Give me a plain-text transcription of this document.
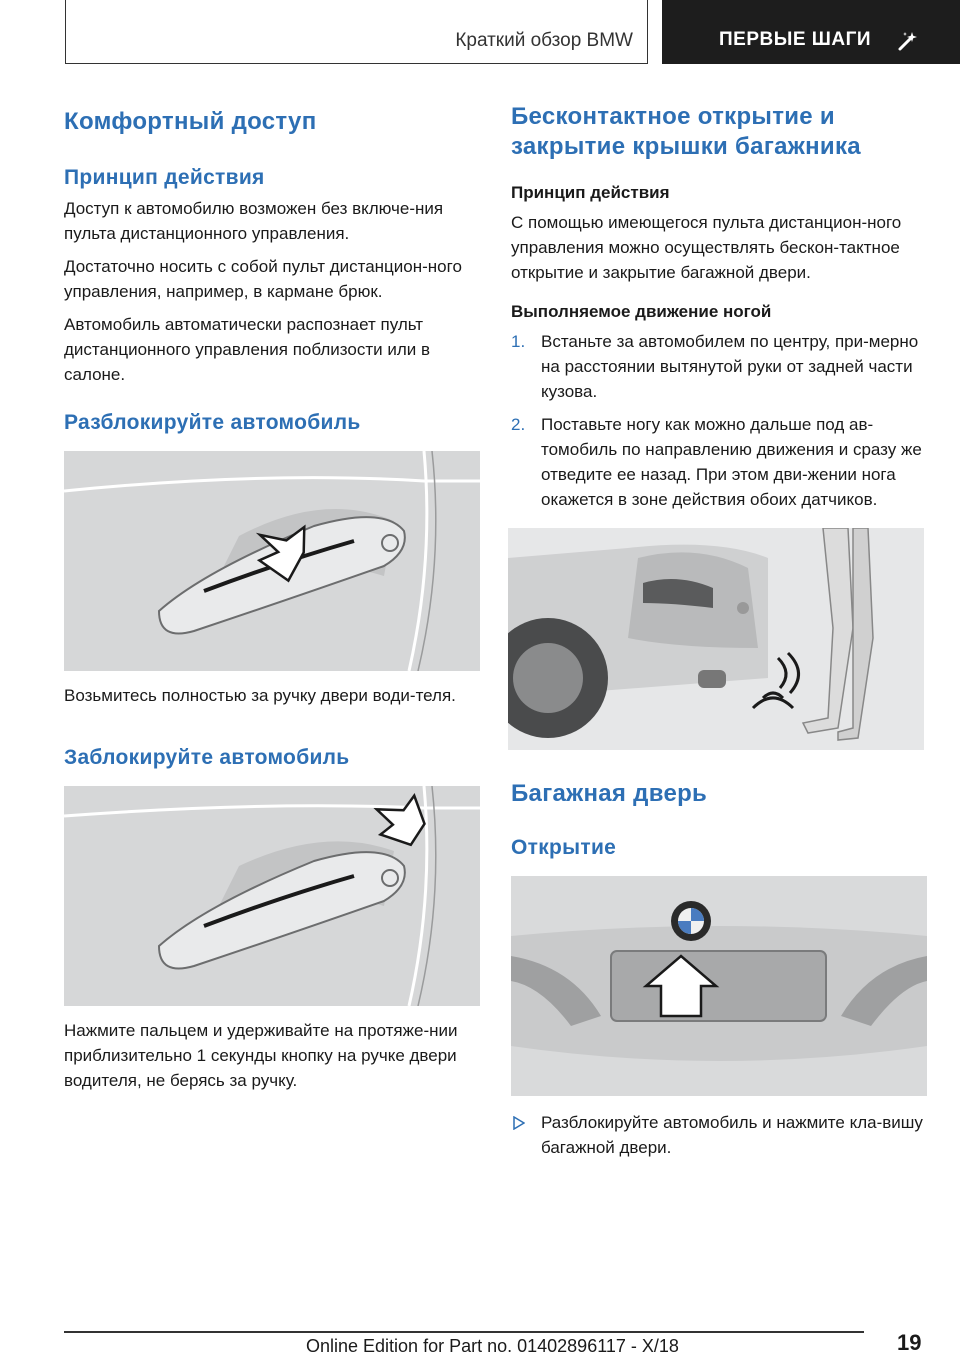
Краткий обзор BMW	ПЕРВЫЕ ШАГИ
Комфортный доступ
Принцип действия

Доступ к автомобилю возможен без включе-ния пульта дистанционного управления.

Достаточно носить с собой пульт дистанцион-ного управления, например, в кармане брюк.

Автомобиль автоматически распознает пульт дистанционного управления поблизости или в салоне.

Разблокируйте автомобиль

Возьмитесь полностью за ручку двери води-теля.

Заблокируйте автомобиль

Нажмите пальцем и удерживайте на протяже-нии приблизительно 1 секунды кнопку на ручке двери водителя, не берясь за ручку.

Бесконтактное открытие и закрытие крышки багажника
Принцип действия

С помощью имеющегося пульта дистанцион-ного управления можно осуществлять бескон-тактное открытие и закрытие багажной двери.

Выполняемое движение ногой
1. Встаньте за автомобилем по центру, при-мерно на расстоянии вытянутой руки от задней части кузова.
2. Поставьте ногу как можно дальше под ав-томобиль по направлению движения и сразу же отведите ее назад. При этом дви-жении нога окажется в зоне действия обоих датчиков.
Багажная дверь
Открытие
Разблокируйте автомобиль и нажмите кла-вишу багажной двери.
19
Online Edition for Part no. 01402896117 - X/18
